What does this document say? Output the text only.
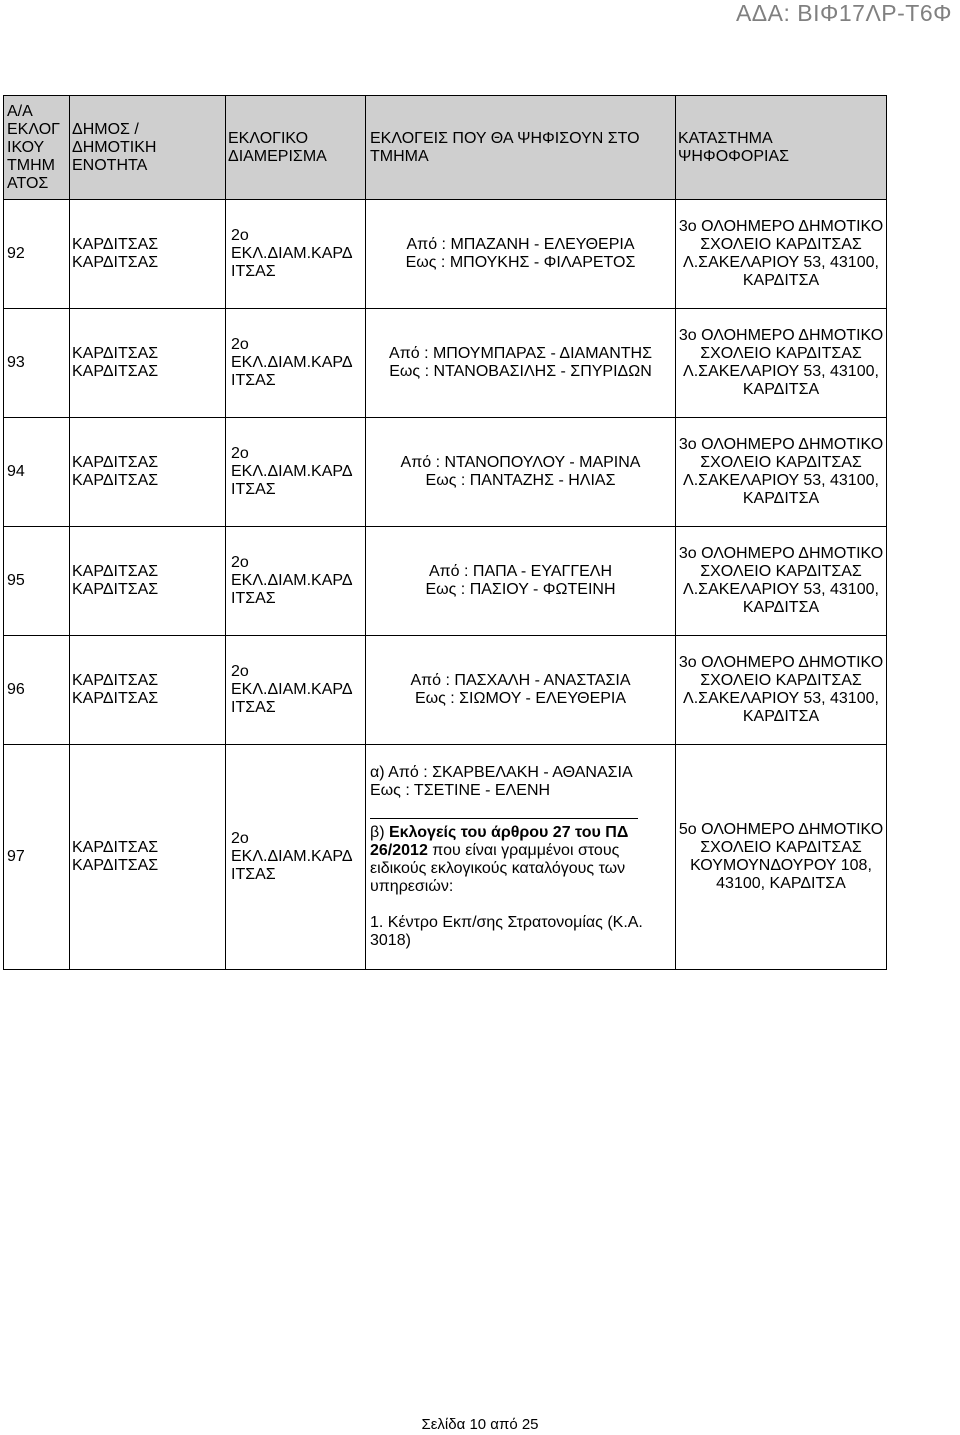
ΑΔΑ: ΒΙΦ17ΛΡ-Τ6Φ
Α/Α ΕΚΛΟΓ ΙΚΟΥ ΤΜΗΜ ΑΤΟΣ	ΔΗΜΟΣ / ΔΗΜΟΤΙΚΗ ΕΝΟΤΗΤΑ	ΕΚΛΟΓΙΚΟ ΔΙΑΜΕΡΙΣΜΑ	ΕΚΛΟΓΕΙΣ ΠΟΥ ΘΑ ΨΗΦΙΣΟΥΝ ΣΤΟ ΤΜΗΜΑ	ΚΑΤΑΣΤΗΜΑ ΨΗΦΟΦΟΡΙΑΣ
92	ΚΑΡΔΙΤΣΑΣ ΚΑΡΔΙΤΣΑΣ	2ο ΕΚΛ.ΔΙΑΜ.ΚΑΡΔ ΙΤΣΑΣ	Από : ΜΠΑΖΑΝΗ - ΕΛΕΥΘΕΡΙΑ
Εως : ΜΠΟΥΚΗΣ - ΦΙΛΑΡΕΤΟΣ	3ο ΟΛΟΗΜΕΡΟ ΔΗΜΟΤΙΚΟ ΣΧΟΛΕΙΟ ΚΑΡΔΙΤΣΑΣ Λ.ΣΑΚΕΛΑΡΙΟΥ 53, 43100, ΚΑΡΔΙΤΣΑ
93	ΚΑΡΔΙΤΣΑΣ ΚΑΡΔΙΤΣΑΣ	2ο ΕΚΛ.ΔΙΑΜ.ΚΑΡΔ ΙΤΣΑΣ	Από : ΜΠΟΥΜΠΑΡΑΣ - ΔΙΑΜΑΝΤΗΣ
Εως : ΝΤΑΝΟΒΑΣΙΛΗΣ - ΣΠΥΡΙΔΩΝ	3ο ΟΛΟΗΜΕΡΟ ΔΗΜΟΤΙΚΟ ΣΧΟΛΕΙΟ ΚΑΡΔΙΤΣΑΣ Λ.ΣΑΚΕΛΑΡΙΟΥ 53, 43100, ΚΑΡΔΙΤΣΑ
94	ΚΑΡΔΙΤΣΑΣ ΚΑΡΔΙΤΣΑΣ	2ο ΕΚΛ.ΔΙΑΜ.ΚΑΡΔ ΙΤΣΑΣ	Από : ΝΤΑΝΟΠΟΥΛΟΥ - ΜΑΡΙΝΑ
Εως : ΠΑΝΤΑΖΗΣ - ΗΛΙΑΣ	3ο ΟΛΟΗΜΕΡΟ ΔΗΜΟΤΙΚΟ ΣΧΟΛΕΙΟ ΚΑΡΔΙΤΣΑΣ Λ.ΣΑΚΕΛΑΡΙΟΥ 53, 43100, ΚΑΡΔΙΤΣΑ
95	ΚΑΡΔΙΤΣΑΣ ΚΑΡΔΙΤΣΑΣ	2ο ΕΚΛ.ΔΙΑΜ.ΚΑΡΔ ΙΤΣΑΣ	Από : ΠΑΠΑ - ΕΥΑΓΓΕΛΗ
Εως : ΠΑΣΙΟΥ - ΦΩΤΕΙΝΗ	3ο ΟΛΟΗΜΕΡΟ ΔΗΜΟΤΙΚΟ ΣΧΟΛΕΙΟ ΚΑΡΔΙΤΣΑΣ Λ.ΣΑΚΕΛΑΡΙΟΥ 53, 43100, ΚΑΡΔΙΤΣΑ
96	ΚΑΡΔΙΤΣΑΣ ΚΑΡΔΙΤΣΑΣ	2ο ΕΚΛ.ΔΙΑΜ.ΚΑΡΔ ΙΤΣΑΣ	Από : ΠΑΣΧΑΛΗ - ΑΝΑΣΤΑΣΙΑ
Εως : ΣΙΩΜΟΥ - ΕΛΕΥΘΕΡΙΑ	3ο ΟΛΟΗΜΕΡΟ ΔΗΜΟΤΙΚΟ ΣΧΟΛΕΙΟ ΚΑΡΔΙΤΣΑΣ Λ.ΣΑΚΕΛΑΡΙΟΥ 53, 43100, ΚΑΡΔΙΤΣΑ
97	ΚΑΡΔΙΤΣΑΣ ΚΑΡΔΙΤΣΑΣ	2ο ΕΚΛ.ΔΙΑΜ.ΚΑΡΔ ΙΤΣΑΣ	α) Από : ΣΚΑΡΒΕΛΑΚΗ - ΑΘΑΝΑΣΙΑ
Εως : ΤΣΕΤΙΝΕ - ΕΛΕΝΗ
β) Εκλογείς του άρθρου 27 του ΠΔ 26/2012 που είναι γραμμένοι στους ειδικούς εκλογικούς καταλόγους των υπηρεσιών:
1. Κέντρο Εκπ/σης Στρατονομίας (Κ.Α. 3018)	5ο ΟΛΟΗΜΕΡΟ ΔΗΜΟΤΙΚΟ ΣΧΟΛΕΙΟ ΚΑΡΔΙΤΣΑΣ ΚΟΥΜΟΥΝΔΟΥΡΟΥ 108, 43100, ΚΑΡΔΙΤΣΑ
Σελίδα 10 από 25
